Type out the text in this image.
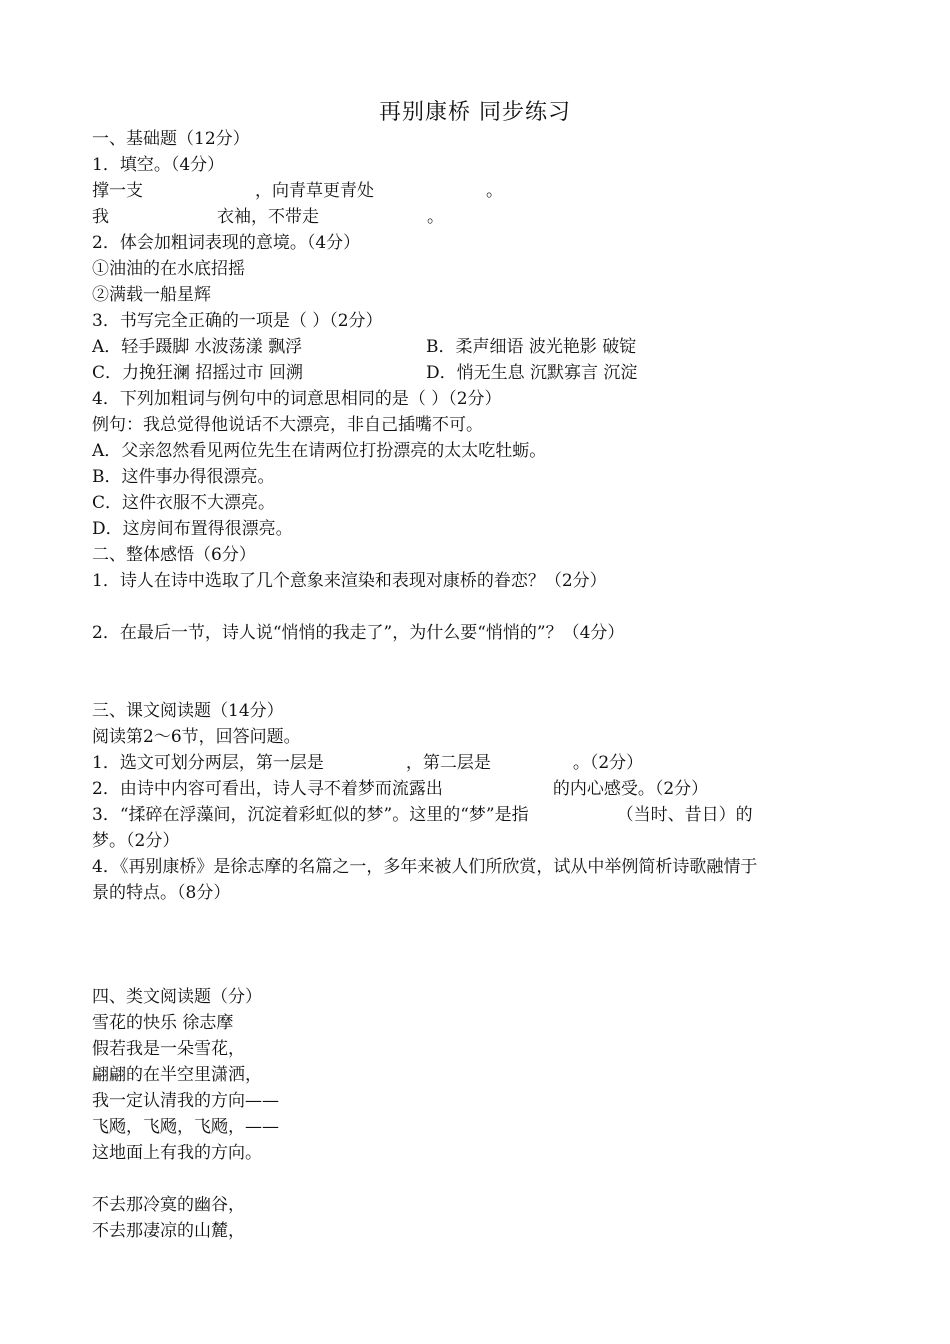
再别康桥 同步练习
一、基础题（12分）
1．填空。（4分）
撑一支	，向青草更青处	。
我	衣袖，不带走	。
2．体会加粗词表现的意境。（4分）
①油油的在水底招摇
②满载一船星辉
3．书写完全正确的一项是（ ）（2分）
A．轻手蹑脚 水波荡漾 飘浮	B．柔声细语 波光艳影 破锭
C．力挽狂澜 招摇过市 回溯	D．悄无生息 沉默寡言 沉淀
4．下列加粗词与例句中的词意思相同的是（ ）（2分）
例句：我总觉得他说话不大漂亮，非自己插嘴不可。
A．父亲忽然看见两位先生在请两位打扮漂亮的太太吃牡蛎。
B．这件事办得很漂亮。
C．这件衣服不大漂亮。
D．这房间布置得很漂亮。
二、整体感悟（6分）
1．诗人在诗中选取了几个意象来渲染和表现对康桥的眷恋？（2分）
2．在最后一节，诗人说“悄悄的我走了”，为什么要“悄悄的”？（4分）
三、课文阅读题（14分）
阅读第2～6节，回答问题。
1．选文可划分两层，第一层是	，第二层是	。（2分）
2．由诗中内容可看出，诗人寻不着梦而流露出	的内心感受。（2分）
3．“揉碎在浮藻间，沉淀着彩虹似的梦”。这里的“梦”是指	（当时、昔日）的
梦。（2分）
4．《再别康桥》是徐志摩的名篇之一，多年来被人们所欣赏，试从中举例简析诗歌融情于
景的特点。（8分）
四、类文阅读题（分）
雪花的快乐 徐志摩
假若我是一朵雪花，
翩翩的在半空里潇洒，
我一定认清我的方向——
飞飏，飞飏，飞飏，——
这地面上有我的方向。
不去那冷寞的幽谷，
不去那凄凉的山麓，
